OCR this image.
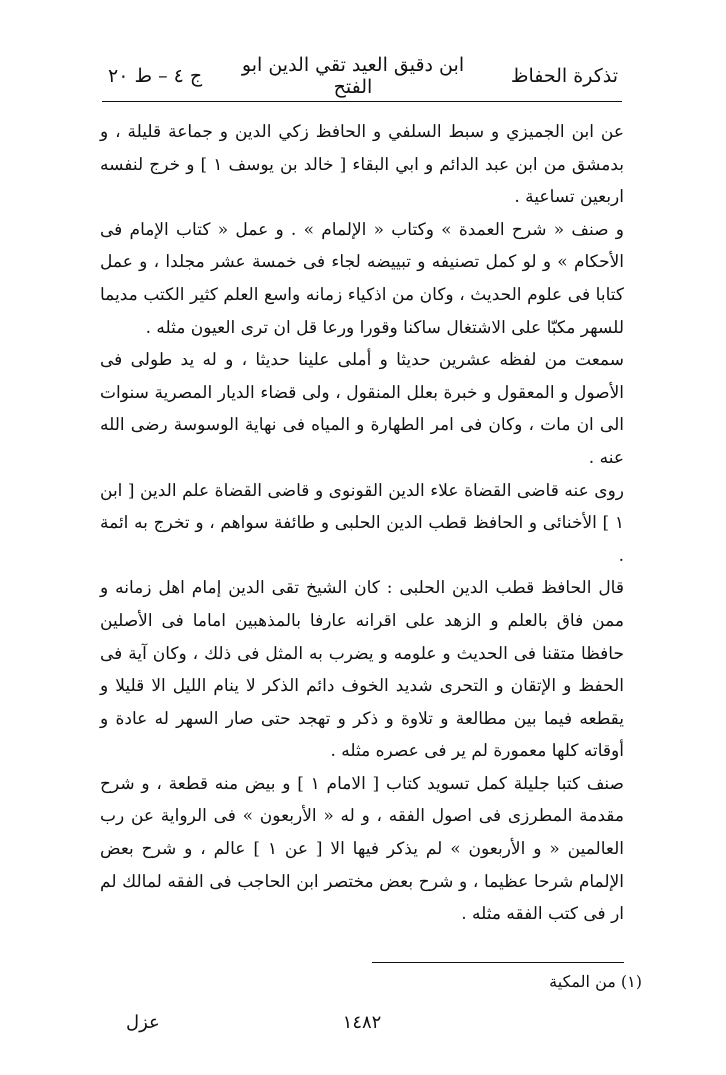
تذكرة الحفاظ
ابن دقيق العيد تقي الدين ابو الفتح
ج ٤ – ط ٢٠

عن ابن الجميزي و سبط السلفي و الحافظ زكي الدين و جماعة قليلة ، و بدمشق من ابن عبد الدائم و ابي البقاء [ خالد بن يوسف ١ ] و خرج لنفسه اربعين تساعية .

و صنف « شرح العمدة » وكتاب « الإلمام » . و عمل « كتاب الإمام فى الأحكام » و لو كمل تصنيفه و تبييضه لجاء فى خمسة عشر مجلدا ، و عمل كتابا فى علوم الحديث ، وكان من اذكياء زمانه واسع العلم كثير الكتب مديما للسهر مكبّا على الاشتغال ساكنا وقورا ورعا قل ان ترى العيون مثله .

سمعت من لفظه عشرين حديثا و أملى علينا حديثا ، و له يد طولى فى الأصول و المعقول و خبرة بعلل المنقول ، ولى قضاء الديار المصرية سنوات الى ان مات ، وكان فى امر الطهارة و المياه فى نهاية الوسوسة رضى الله عنه .

روى عنه قاضى القضاة علاء الدين القونوى و قاضى القضاة علم الدين [ ابن ١ ] الأخنائى و الحافظ قطب الدين الحلبى و طائفة سواهم ، و تخرج به ائمة .

قال الحافظ قطب الدين الحلبى : كان الشيخ تقى الدين إمام اهل زمانه و ممن فاق بالعلم و الزهد على اقرانه عارفا بالمذهبين اماما فى الأصلين حافظا متقنا فى الحديث و علومه و يضرب به المثل فى ذلك ، وكان آية فى الحفظ و الإتقان و التحرى شديد الخوف دائم الذكر لا ينام الليل الا قليلا و يقطعه فيما بين مطالعة و تلاوة و ذكر و تهجد حتى صار السهر له عادة و أوقاته كلها معمورة لم ير فى عصره مثله .

صنف كتبا جليلة كمل تسويد كتاب [ الامام ١ ] و بيض منه قطعة ، و شرح مقدمة المطرزى فى اصول الفقه ، و له « الأربعون » فى الرواية عن رب العالمين « و الأربعون » لم يذكر فيها الا [ عن ١ ] عالم ، و شرح بعض الإلمام شرحا عظيما ، و شرح بعض مختصر ابن الحاجب فى الفقه لمالك لم ار فى كتب الفقه مثله .

(١) من المكية
١٤٨٢
عزل
